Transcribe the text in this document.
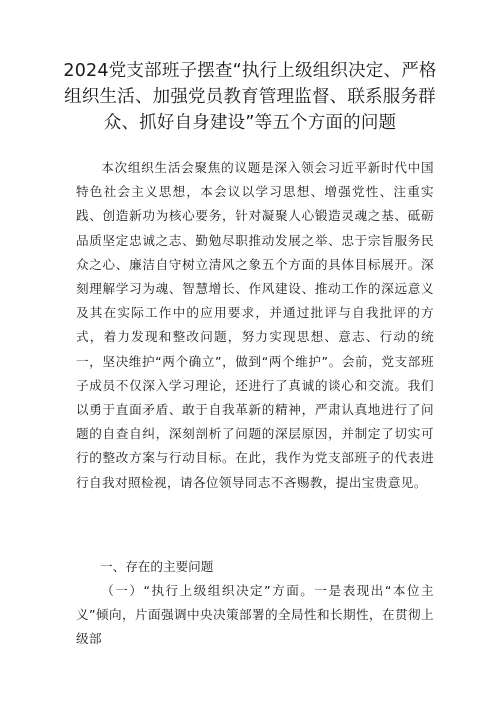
2024党支部班子摆查“执行上级组织决定、严格组织生活、加强党员教育管理监督、联系服务群众、抓好自身建设”等五个方面的问题

本次组织生活会聚焦的议题是深入领会习近平新时代中国特色社会主义思想，本会议以学习思想、增强党性、注重实践、创造新功为核心要务，针对凝聚人心锻造灵魂之基、砥砺品质坚定忠诚之志、勤勉尽职推动发展之举、忠于宗旨服务民众之心、廉洁自守树立清风之象五个方面的具体目标展开。深刻理解学习为魂、智慧增长、作风建设、推动工作的深远意义及其在实际工作中的应用要求，并通过批评与自我批评的方式，着力发现和整改问题，努力实现思想、意志、行动的统一，坚决维护“两个确立”，做到“两个维护”。会前，党支部班子成员不仅深入学习理论，还进行了真诚的谈心和交流。我们以勇于直面矛盾、敢于自我革新的精神，严肃认真地进行了问题的自查自纠，深刻剖析了问题的深层原因，并制定了切实可行的整改方案与行动目标。在此，我作为党支部班子的代表进行自我对照检视，请各位领导同志不吝赐教，提出宝贵意见。

一、存在的主要问题

（一）“执行上级组织决定”方面。一是表现出“本位主义”倾向，片面强调中央决策部署的全局性和长期性，在贯彻上级部
